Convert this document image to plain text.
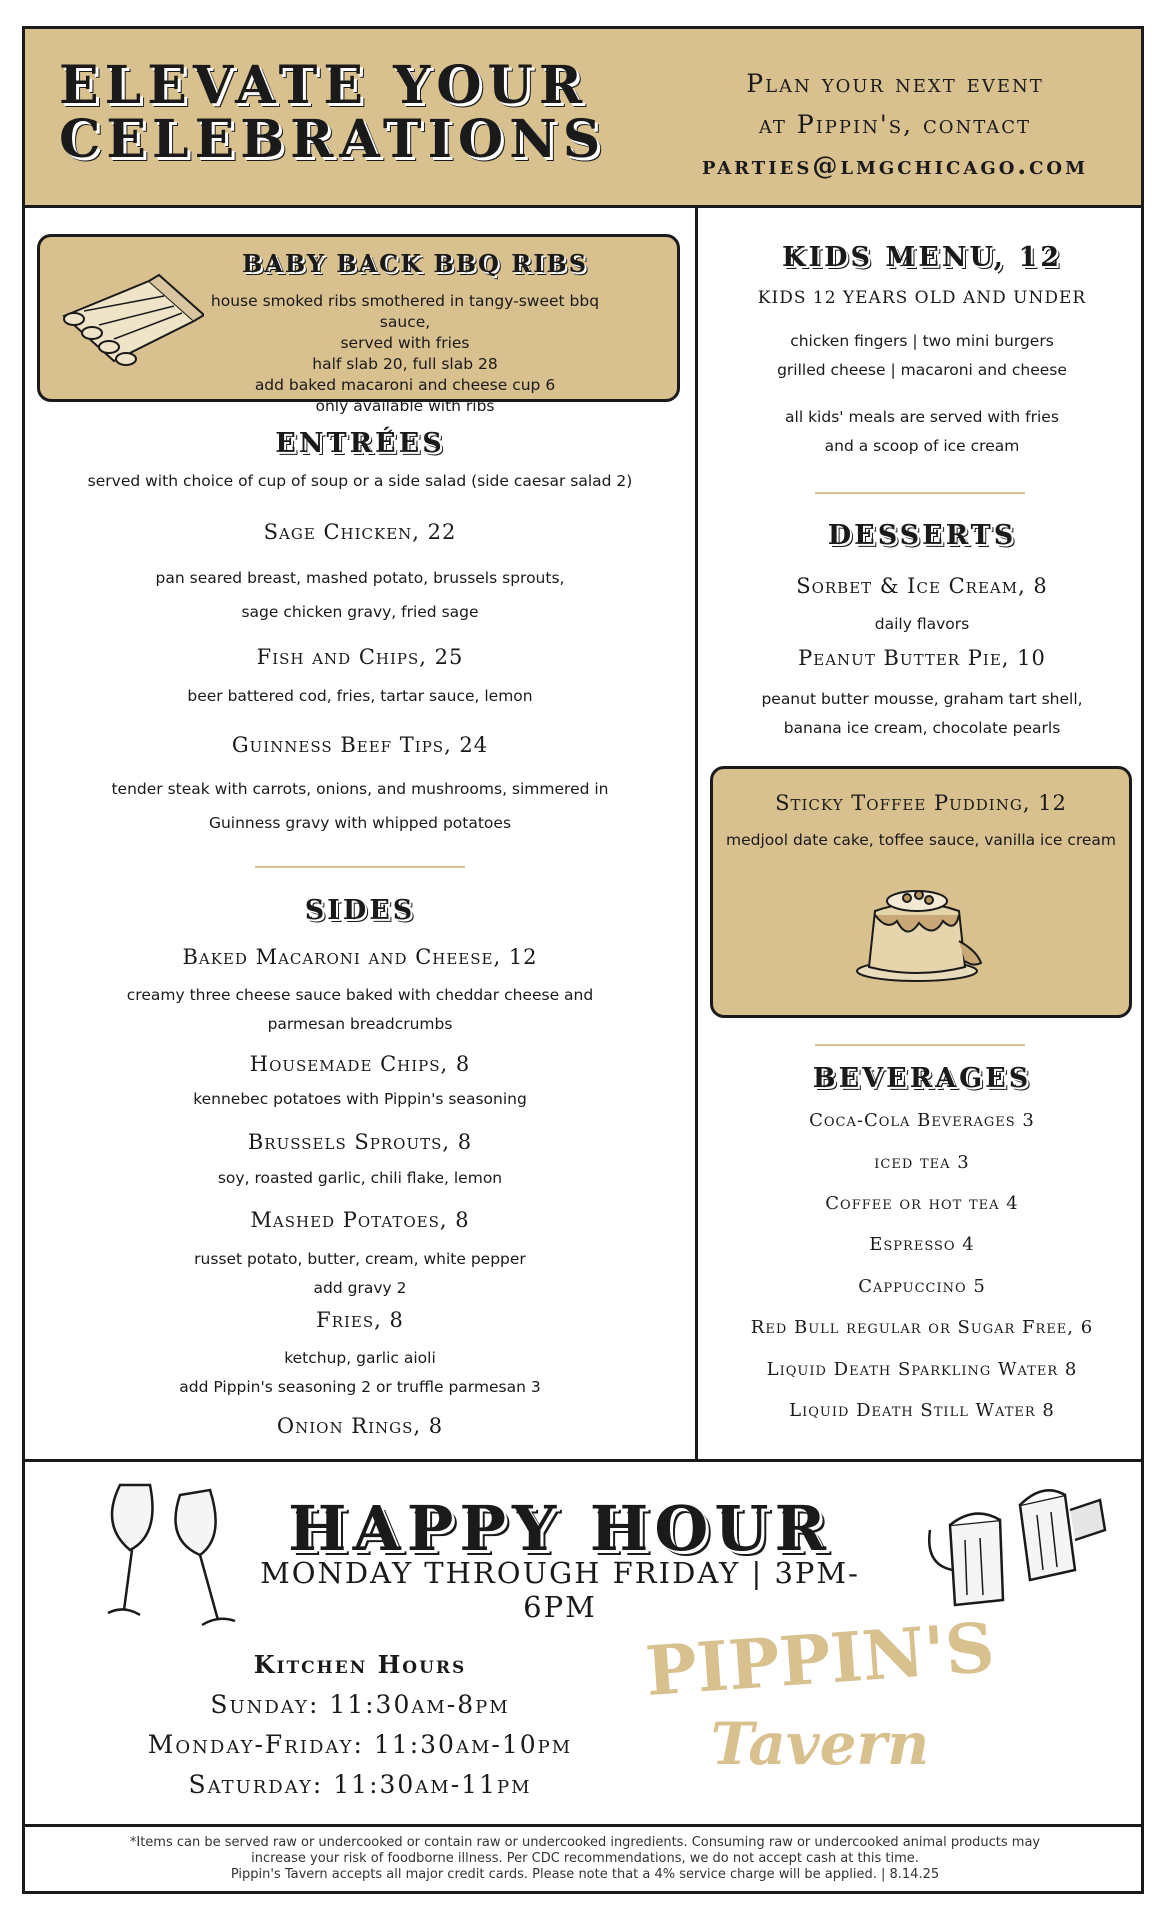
ELEVATE YOUR
CELEBRATIONS
Plan your next event
at Pippin's, contact
parties@lmgchicago.com
BABY BACK BBQ RIBS
house smoked ribs smothered in tangy-sweet bbq sauce,
served with fries
half slab 20, full slab 28
add baked macaroni and cheese cup 6
only available with ribs
ENTRÉES
served with choice of cup of soup or a side salad (side caesar salad 2)
Sage Chicken, 22
pan seared breast, mashed potato, brussels sprouts,
sage chicken gravy, fried sage
Fish and Chips, 25
beer battered cod, fries, tartar sauce, lemon
Guinness Beef Tips, 24
tender steak with carrots, onions, and mushrooms, simmered in
Guinness gravy with whipped potatoes
SIDES
Baked Macaroni and Cheese, 12
creamy three cheese sauce baked with cheddar cheese and
parmesan breadcrumbs
Housemade Chips, 8
kennebec potatoes with Pippin's seasoning
Brussels Sprouts, 8
soy, roasted garlic, chili flake, lemon
Mashed Potatoes, 8
russet potato, butter, cream, white pepper
add gravy 2
Fries, 8
ketchup, garlic aioli
add Pippin's seasoning 2 or truffle parmesan 3
Onion Rings, 8
KIDS MENU, 12
KIDS 12 YEARS OLD AND UNDER
chicken fingers | two mini burgers
grilled cheese | macaroni and cheese
all kids' meals are served with fries
and a scoop of ice cream
DESSERTS
Sorbet & Ice Cream, 8
daily flavors
Peanut Butter Pie, 10
peanut butter mousse, graham tart shell,
banana ice cream, chocolate pearls
Sticky Toffee Pudding, 12
medjool date cake, toffee sauce, vanilla ice cream
BEVERAGES
Coca-Cola Beverages 3
iced tea 3
Coffee or hot tea 4
Espresso 4
Cappuccino 5
Red Bull regular or Sugar Free, 6
Liquid Death Sparkling Water 8
Liquid Death Still Water 8
HAPPY HOUR
MONDAY THROUGH FRIDAY | 3PM-6PM
Kitchen Hours
Sunday: 11:30am-8pm
Monday-Friday: 11:30am-10pm
Saturday: 11:30am-11pm
PIPPIN'S
Tavern
*Items can be served raw or undercooked or contain raw or undercooked ingredients. Consuming raw or undercooked animal products may
increase your risk of foodborne illness. Per CDC recommendations, we do not accept cash at this time.
Pippin's Tavern accepts all major credit cards. Please note that a 4% service charge will be applied. | 8.14.25
